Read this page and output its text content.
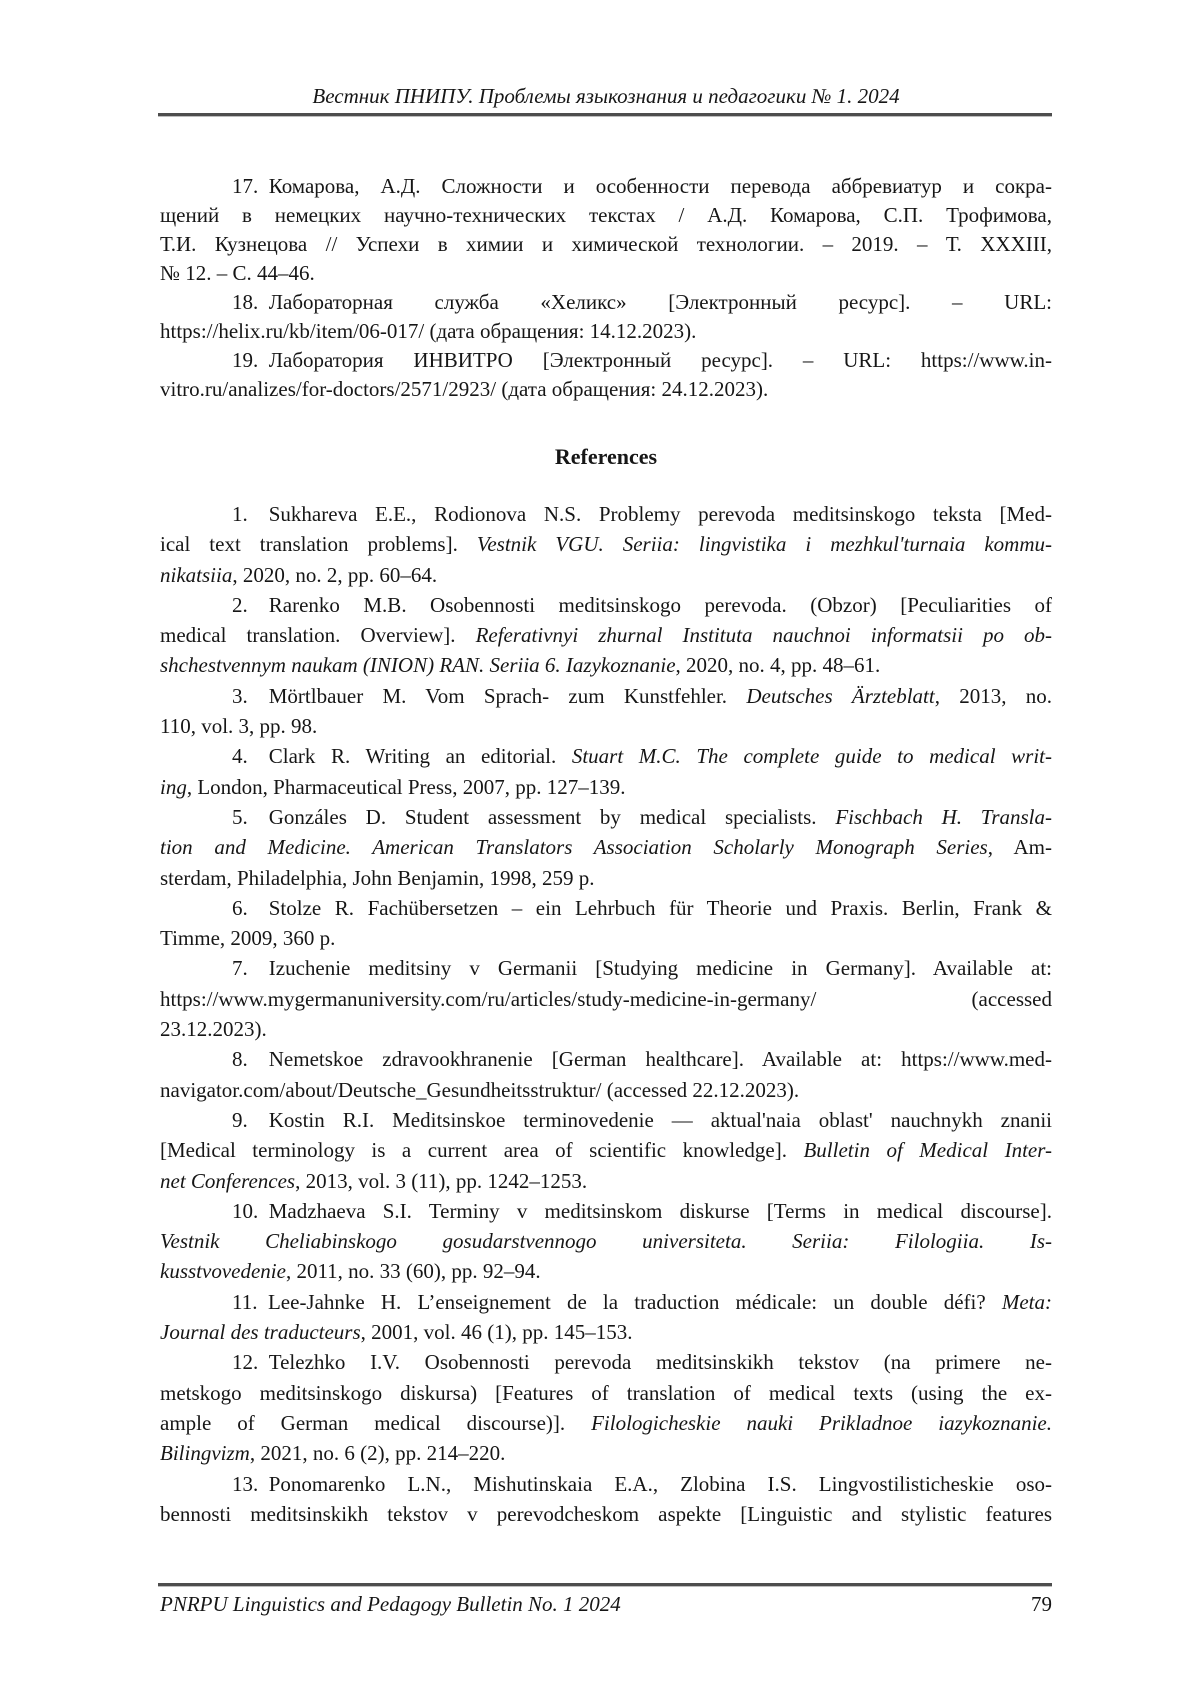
Вестник ПНИПУ. Проблемы языкознания и педагогики № 1. 2024
17. Комарова, А.Д. Сложности и особенности перевода аббревиатур и сокра-
щений в немецких научно-технических текстах / А.Д. Комарова, С.П. Трофимова,
Т.И. Кузнецова // Успехи в химии и химической технологии. – 2019. – Т. XXXIII,
№ 12. – С. 44–46.
18. Лабораторная служба «Хеликс» [Электронный ресурс]. – URL:
https://helix.ru/kb/item/06-017/ (дата обращения: 14.12.2023).
19. Лаборатория ИНВИТРО [Электронный ресурс]. – URL: https://www.in-
vitro.ru/analizes/for-doctors/2571/2923/ (дата обращения: 24.12.2023).
References
1.  Sukhareva E.E., Rodionova N.S. Problemy perevoda meditsinskogo teksta [Med-
ical text translation problems]. Vestnik VGU. Seriia: lingvistika i mezhkul'turnaia kommu-
nikatsiia, 2020, no. 2, pp. 60–64.
2.  Rarenko M.B. Osobennosti meditsinskogo perevoda. (Obzor) [Peculiarities of
medical translation. Overview]. Referativnyi zhurnal Instituta nauchnoi informatsii po ob-
shchestvennym naukam (INION) RAN. Seriia 6. Iazykoznanie, 2020, no. 4, pp. 48–61.
3.  Mörtlbauer M. Vom Sprach- zum Kunstfehler. Deutsches Ärzteblatt, 2013, no.
110, vol. 3, pp. 98.
4.  Clark R. Writing an editorial. Stuart M.C. The complete guide to medical writ-
ing, London, Pharmaceutical Press, 2007, pp. 127–139.
5.  Gonzáles D. Student assessment by medical specialists. Fischbach H. Transla-
tion and Medicine. American Translators Association Scholarly Monograph Series, Am-
sterdam, Philadelphia, John Benjamin, 1998, 259 p.
6.  Stolze R. Fachübersetzen – ein Lehrbuch für Theorie und Praxis. Berlin, Frank &
Timme, 2009, 360 p.
7.  Izuchenie meditsiny v Germanii [Studying medicine in Germany]. Available at:
https://www.mygermanuniversity.com/ru/articles/study-medicine-in-germany/ (accessed
23.12.2023).
8.  Nemetskoe zdravookhranenie [German healthcare]. Available at: https://www.med-
navigator.com/about/Deutsche_Gesundheitsstruktur/ (accessed 22.12.2023).
9.  Kostin R.I. Meditsinskoe terminovedenie — aktual'naia oblast' nauchnykh znanii
[Medical terminology is a current area of scientific knowledge]. Bulletin of Medical Inter-
net Conferences, 2013, vol. 3 (11), pp. 1242–1253.
10. Madzhaeva S.I. Terminy v meditsinskom diskurse [Terms in medical discourse].
Vestnik Cheliabinskogo gosudarstvennogo universiteta. Seriia: Filologiia. Is-
kusstvovedenie, 2011, no. 33 (60), pp. 92–94.
11. Lee-Jahnke H. L’enseignement de la traduction médicale: un double défi? Meta:
Journal des traducteurs, 2001, vol. 46 (1), pp. 145–153.
12. Telezhko I.V. Osobennosti perevoda meditsinskikh tekstov (na primere ne-
metskogo meditsinskogo diskursa) [Features of translation of medical texts (using the ex-
ample of German medical discourse)]. Filologicheskie nauki Prikladnoe iazykoznanie.
Bilingvizm, 2021, no. 6 (2), pp. 214–220.
13. Ponomarenko L.N., Mishutinskaia E.A., Zlobina I.S. Lingvostilisticheskie oso-
bennosti meditsinskikh tekstov v perevodcheskom aspekte [Linguistic and stylistic features
PNRPU Linguistics and Pedagogy Bulletin No. 1 2024	79
